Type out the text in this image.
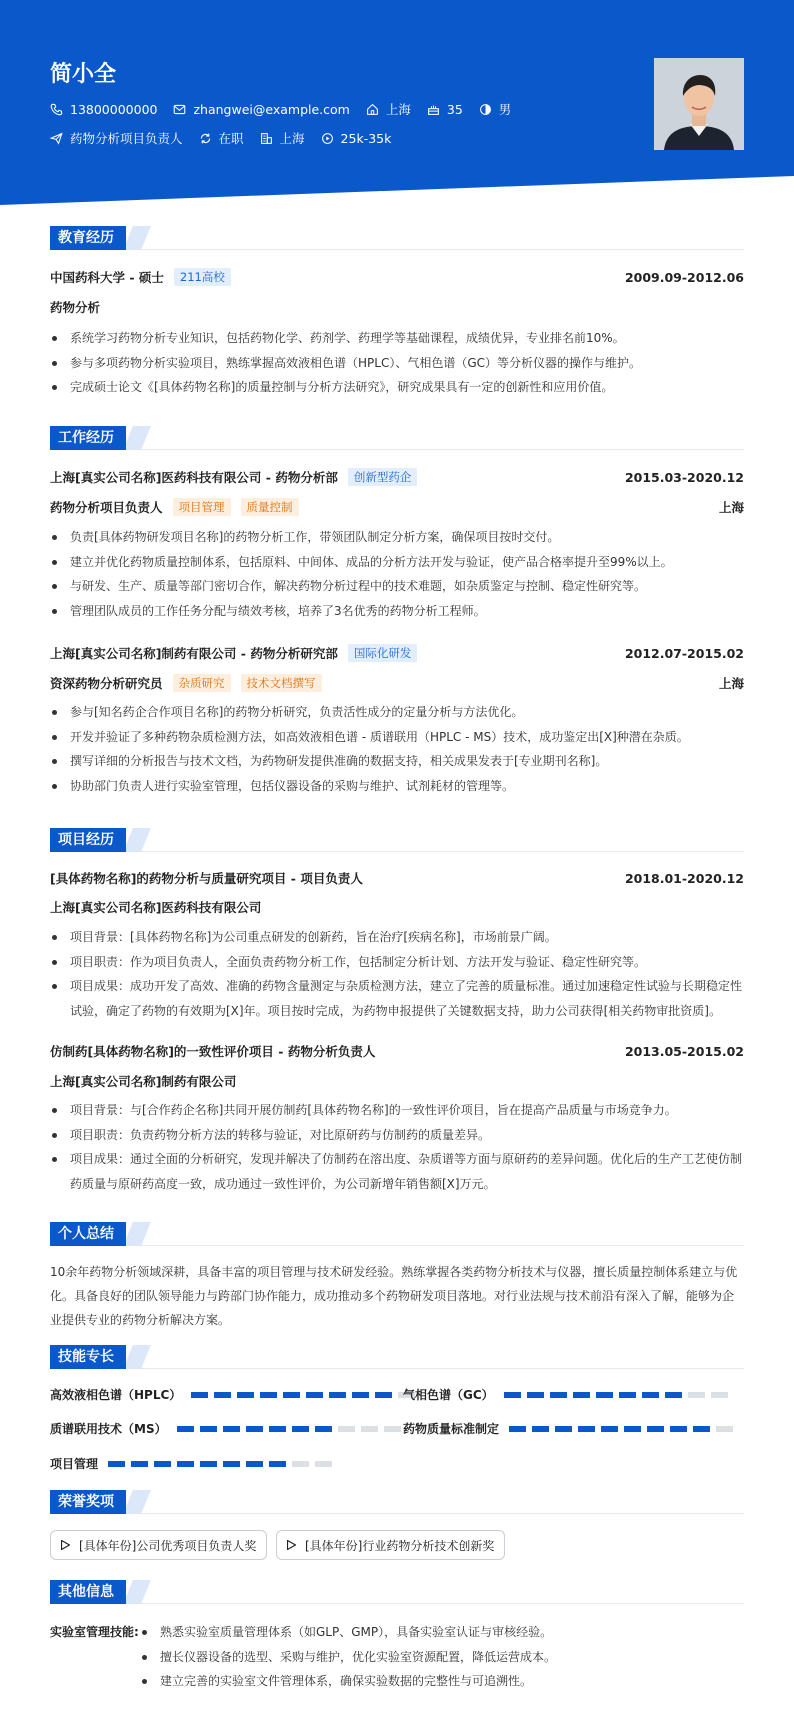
简小全
13800000000	zhangwei@example.com	上海	35	男
药物分析项目负责人	在职	上海	25k-35k
教育经历
中国药科大学 - 硕士	211高校	2009.09-2012.06
药物分析
系统学习药物分析专业知识，包括药物化学、药剂学、药理学等基础课程，成绩优异，专业排名前10%。
参与多项药物分析实验项目，熟练掌握高效液相色谱（HPLC）、气相色谱（GC）等分析仪器的操作与维护。
完成硕士论文《[具体药物名称]的质量控制与分析方法研究》，研究成果具有一定的创新性和应用价值。
工作经历
上海[真实公司名称]医药科技有限公司 - 药物分析部	创新型药企	2015.03-2020.12
药物分析项目负责人	项目管理	质量控制	上海
负责[具体药物研发项目名称]的药物分析工作，带领团队制定分析方案，确保项目按时交付。
建立并优化药物质量控制体系，包括原料、中间体、成品的分析方法开发与验证，使产品合格率提升至99%以上。
与研发、生产、质量等部门密切合作，解决药物分析过程中的技术难题，如杂质鉴定与控制、稳定性研究等。
管理团队成员的工作任务分配与绩效考核，培养了3名优秀的药物分析工程师。
上海[真实公司名称]制药有限公司 - 药物分析研究部	国际化研发	2012.07-2015.02
资深药物分析研究员	杂质研究	技术文档撰写	上海
参与[知名药企合作项目名称]的药物分析研究，负责活性成分的定量分析与方法优化。
开发并验证了多种药物杂质检测方法，如高效液相色谱 - 质谱联用（HPLC - MS）技术，成功鉴定出[X]种潜在杂质。
撰写详细的分析报告与技术文档，为药物研发提供准确的数据支持，相关成果发表于[专业期刊名称]。
协助部门负责人进行实验室管理，包括仪器设备的采购与维护、试剂耗材的管理等。
项目经历
[具体药物名称]的药物分析与质量研究项目 - 项目负责人	2018.01-2020.12
上海[真实公司名称]医药科技有限公司
项目背景：[具体药物名称]为公司重点研发的创新药，旨在治疗[疾病名称]，市场前景广阔。
项目职责：作为项目负责人，全面负责药物分析工作，包括制定分析计划、方法开发与验证、稳定性研究等。
项目成果：成功开发了高效、准确的药物含量测定与杂质检测方法，建立了完善的质量标准。通过加速稳定性试验与长期稳定性试验，确定了药物的有效期为[X]年。项目按时完成，为药物申报提供了关键数据支持，助力公司获得[相关药物审批资质]。
仿制药[具体药物名称]的一致性评价项目 - 药物分析负责人	2013.05-2015.02
上海[真实公司名称]制药有限公司
项目背景：与[合作药企名称]共同开展仿制药[具体药物名称]的一致性评价项目，旨在提高产品质量与市场竞争力。
项目职责：负责药物分析方法的转移与验证，对比原研药与仿制药的质量差异。
项目成果：通过全面的分析研究，发现并解决了仿制药在溶出度、杂质谱等方面与原研药的差异问题。优化后的生产工艺使仿制药质量与原研药高度一致，成功通过一致性评价，为公司新增年销售额[X]万元。
个人总结
10余年药物分析领域深耕，具备丰富的项目管理与技术研发经验。熟练掌握各类药物分析技术与仪器，擅长质量控制体系建立与优化。具备良好的团队领导能力与跨部门协作能力，成功推动多个药物研发项目落地。对行业法规与技术前沿有深入了解，能够为企业提供专业的药物分析解决方案。
技能专长
高效液相色谱（HPLC）	气相色谱（GC）
质谱联用技术（MS）	药物质量标准制定
项目管理
荣誉奖项
[具体年份]公司优秀项目负责人奖	[具体年份]行业药物分析技术创新奖
其他信息
实验室管理技能:	熟悉实验室质量管理体系（如GLP、GMP），具备实验室认证与审核经验。
擅长仪器设备的选型、采购与维护，优化实验室资源配置，降低运营成本。
建立完善的实验室文件管理体系，确保实验数据的完整性与可追溯性。
